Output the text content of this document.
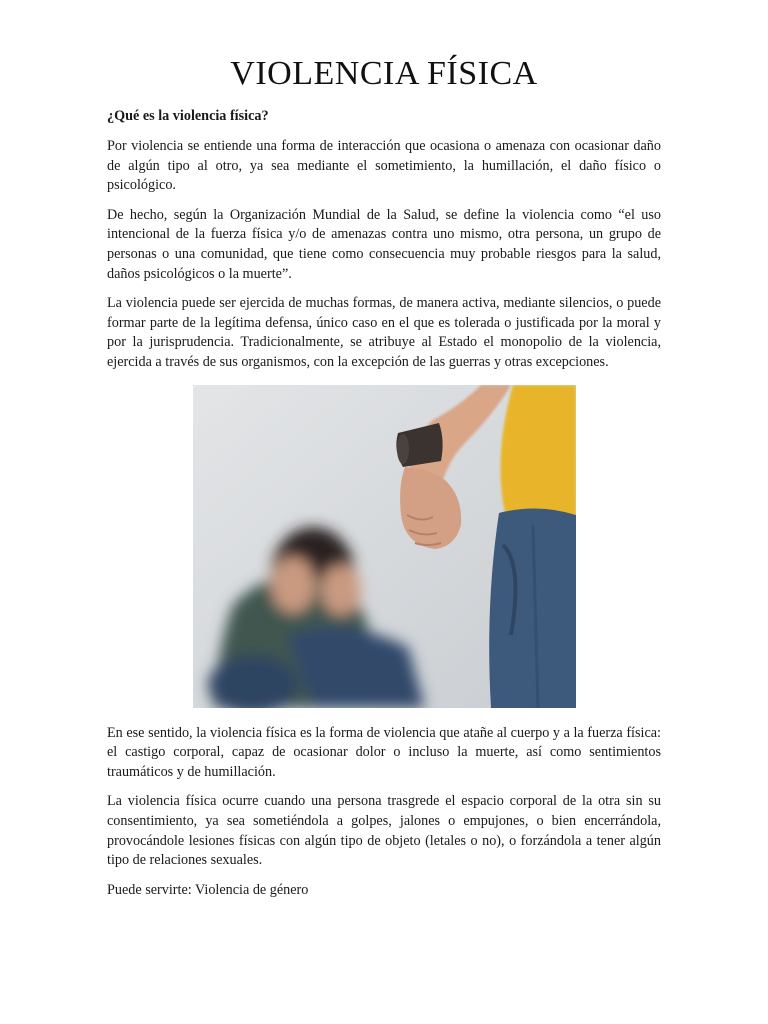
VIOLENCIA FÍSICA
¿Qué es la violencia física?

Por violencia se entiende una forma de interacción que ocasiona o amenaza con ocasionar daño de algún tipo al otro, ya sea mediante el sometimiento, la humillación, el daño físico o psicológico.

De hecho, según la Organización Mundial de la Salud, se define la violencia como “el uso intencional de la fuerza física y/o de amenazas contra uno mismo, otra persona, un grupo de personas o una comunidad, que tiene como consecuencia muy probable riesgos para la salud, daños psicológicos o la muerte”.

La violencia puede ser ejercida de muchas formas, de manera activa, mediante silencios, o puede formar parte de la legítima defensa, único caso en el que es tolerada o justificada por la moral y por la jurisprudencia. Tradicionalmente, se atribuye al Estado el monopolio de la violencia, ejercida a través de sus organismos, con la excepción de las guerras y otras excepciones.

En ese sentido, la violencia física es la forma de violencia que atañe al cuerpo y a la fuerza física: el castigo corporal, capaz de ocasionar dolor o incluso la muerte, así como sentimientos traumáticos y de humillación.

La violencia física ocurre cuando una persona trasgrede el espacio corporal de la otra sin su consentimiento, ya sea sometiéndola a golpes, jalones o empujones, o bien encerrándola, provocándole lesiones físicas con algún tipo de objeto (letales o no), o forzándola a tener algún tipo de relaciones sexuales.

Puede servirte: Violencia de género
